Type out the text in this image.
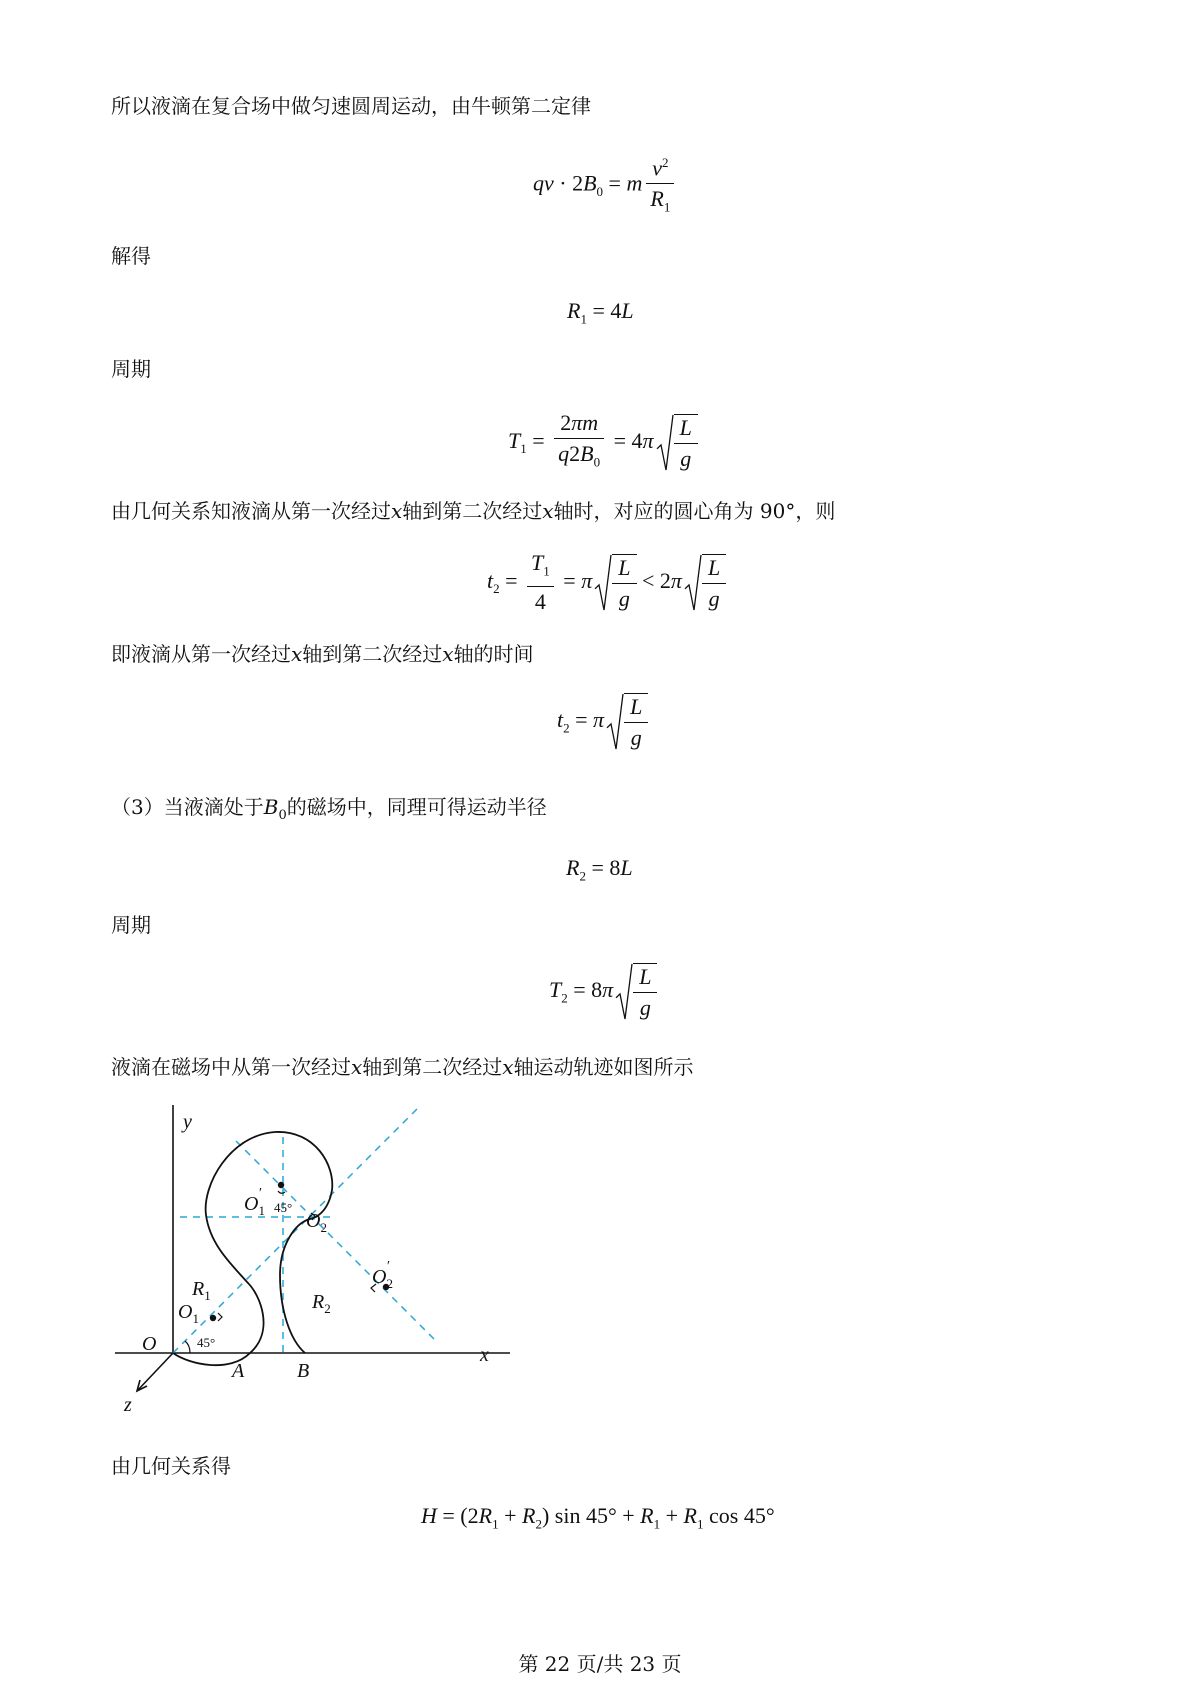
所以液滴在复合场中做匀速圆周运动，由牛顿第二定律
qv · $2B_0 = m \frac{v^2}{R_1}$
解得
$R_1 = 4L$
周期
$T_1 = \frac{2\pi m}{q2B_0} = 4\pi \frac{L}{g}$
由几何关系知液滴从第一次经过x轴到第二次经过x轴时，对应的圆心角为 90°，则
$t_2 = \frac{T_1}{4} = \pi \frac{L}{g} < 2\pi \frac{L}{g}$
即液滴从第一次经过x轴到第二次经过x轴的时间
$t_2 = \pi \frac{L}{g}$
（3）当液滴处于$B_0$的磁场中，同理可得运动半径
$R_2 = 8L$
周期
$T_2 = 8\pi \frac{L}{g}$
液滴在磁场中从第一次经过x轴到第二次经过x轴运动轨迹如图所示
y
x
z
O
A	B
$O_1$
$O_1'$
$O_2$
$O_2'$
$R_1$	$R_2$
45°
45°
由几何关系得
$H = (2R_1 + R_2)$ $\sin 45^\circ + R_1 + R_1$ cos 45°
第 22 页/共 23 页
